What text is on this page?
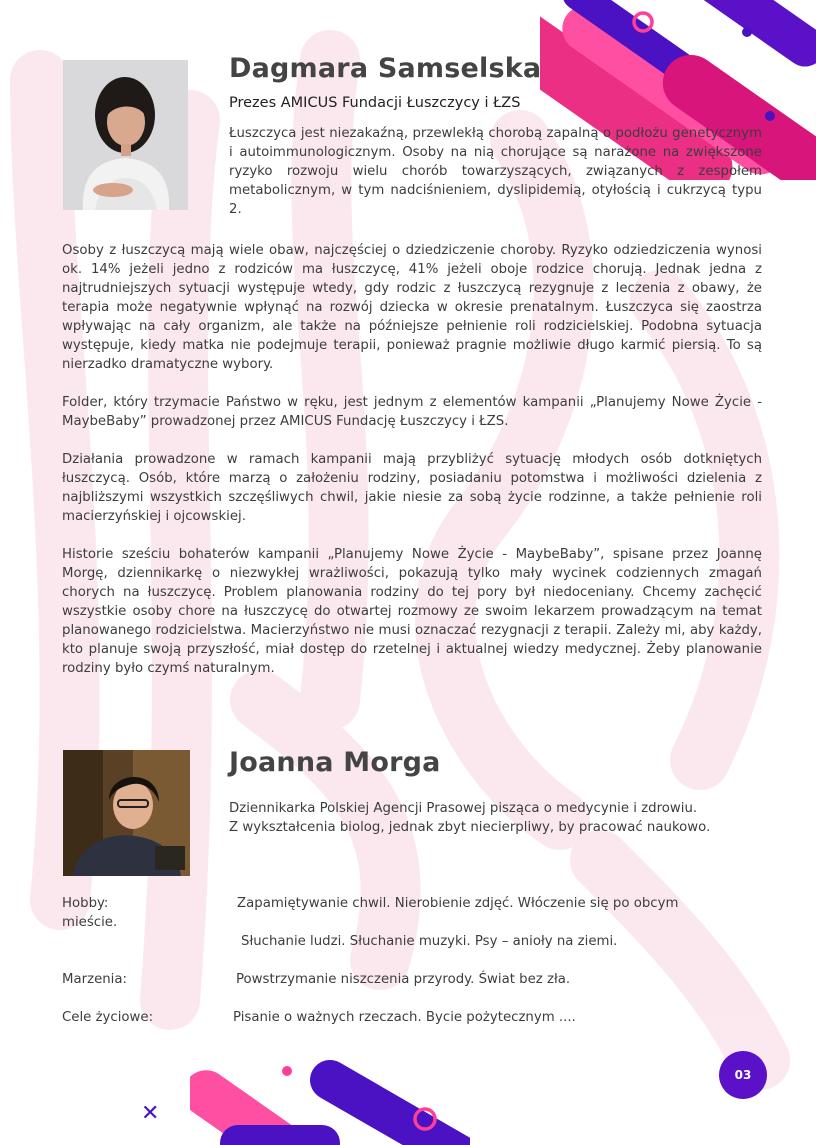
Dagmara Samselska
Prezes AMICUS Fundacji Łuszczycy i ŁZS
Łuszczyca jest niezakaźną, przewlekłą chorobą zapalną o podłożu genetycznym i autoimmunologicznym. Osoby na nią chorujące są narażone na zwiększone ryzyko rozwoju wielu chorób towarzyszących, związanych z zespołem metabolicznym, w tym nadciśnieniem, dyslipidemią, otyłością i cukrzycą typu 2.
Osoby z łuszczycą mają wiele obaw, najczęściej o dziedziczenie choroby. Ryzyko odziedziczenia wynosi ok. 14% jeżeli jedno z rodziców ma łuszczycę, 41% jeżeli oboje rodzice chorują. Jednak jedna z najtrudniejszych sytuacji występuje wtedy, gdy rodzic z łuszczycą rezygnuje z leczenia z obawy, że terapia może negatywnie wpłynąć na rozwój dziecka w okresie prenatalnym. Łuszczyca się zaostrza wpływając na cały organizm, ale także na późniejsze pełnienie roli rodzicielskiej. Podobna sytuacja występuje, kiedy matka nie podejmuje terapii, ponieważ pragnie możliwie długo karmić piersią. To są nierzadko dramatyczne wybory.
Folder, który trzymacie Państwo w ręku, jest jednym z elementów kampanii „Planujemy Nowe Życie - MaybeBaby” prowadzonej przez AMICUS Fundację Łuszczycy i ŁZS.
Działania prowadzone w ramach kampanii mają przybliżyć sytuację młodych osób dotkniętych łuszczycą. Osób, które marzą o założeniu rodziny, posiadaniu potomstwa i możliwości dzielenia z najbliższymi wszystkich szczęśliwych chwil, jakie niesie za sobą życie rodzinne, a także pełnienie roli macierzyńskiej i ojcowskiej.
Historie sześciu bohaterów kampanii „Planujemy Nowe Życie - MaybeBaby”, spisane przez Joannę Morgę, dziennikarkę o niezwykłej wrażliwości, pokazują tylko mały wycinek codziennych zmagań chorych na łuszczycę. Problem planowania rodziny do tej pory był niedoceniany. Chcemy zachęcić wszystkie osoby chore na łuszczycę do otwartej rozmowy ze swoim lekarzem prowadzącym na temat planowanego rodzicielstwa. Macierzyństwo nie musi oznaczać rezygnacji z terapii. Zależy mi, aby każdy, kto planuje swoją przyszłość, miał dostęp do rzetelnej i aktualnej wiedzy medycznej. Żeby planowanie rodziny było czymś naturalnym.
Joanna Morga
Dziennikarka Polskiej Agencji Prasowej pisząca o medycynie i zdrowiu.
Z wykształcenia biolog, jednak zbyt niecierpliwy, by pracować naukowo.
Hobby:	Zapamiętywanie chwil. Nierobienie zdjęć. Włóczenie się po obcym
mieście.
Słuchanie ludzi. Słuchanie muzyki. Psy – anioły na ziemi.
Marzenia:	Powstrzymanie niszczenia przyrody. Świat bez zła.
Cele życiowe:	Pisanie o ważnych rzeczach. Bycie pożytecznym ....
✕
03
